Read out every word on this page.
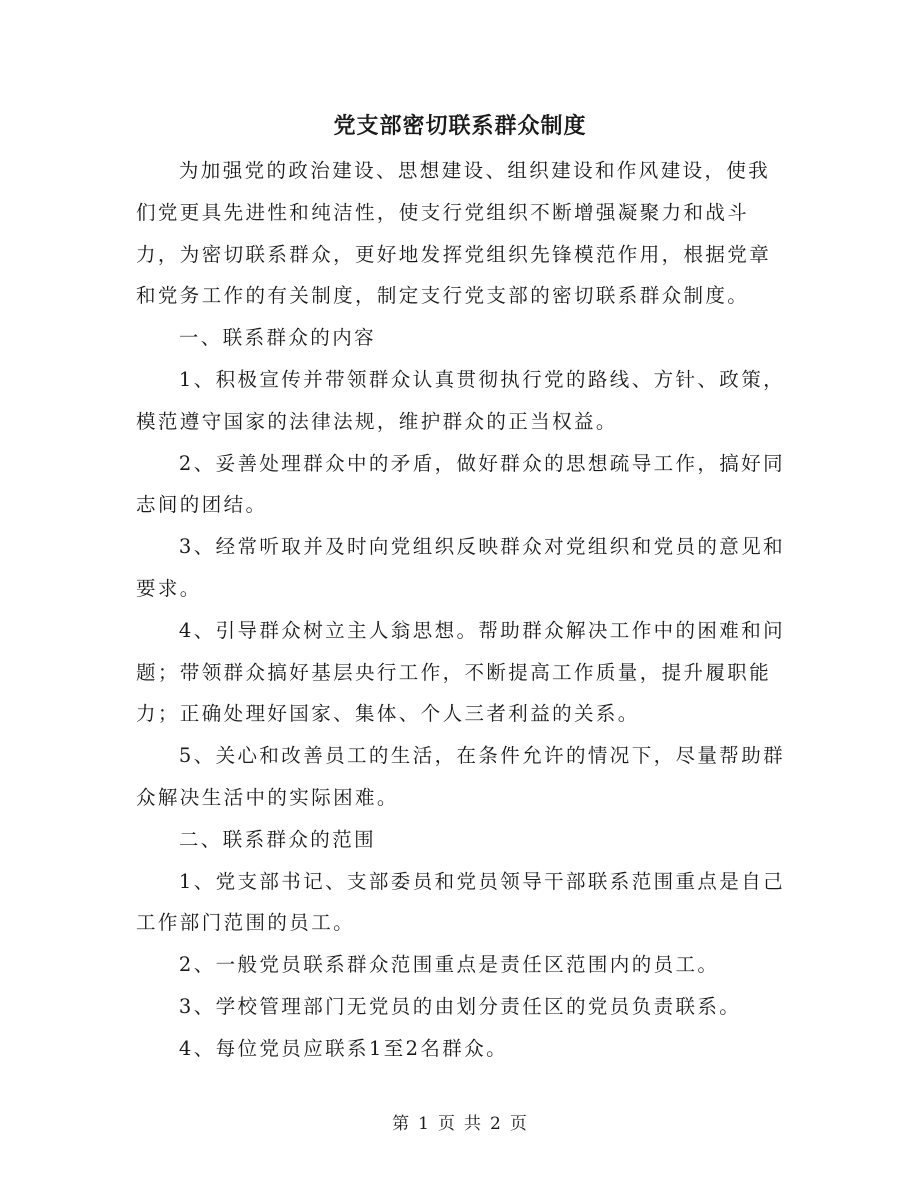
党支部密切联系群众制度

为加强党的政治建设、思想建设、组织建设和作风建设，使我们党更具先进性和纯洁性，使支行党组织不断增强凝聚力和战斗力，为密切联系群众，更好地发挥党组织先锋模范作用，根据党章和党务工作的有关制度，制定支行党支部的密切联系群众制度。

一、联系群众的内容

1、积极宣传并带领群众认真贯彻执行党的路线、方针、政策，模范遵守国家的法律法规，维护群众的正当权益。

2、妥善处理群众中的矛盾，做好群众的思想疏导工作，搞好同志间的团结。

3、经常听取并及时向党组织反映群众对党组织和党员的意见和要求。

4、引导群众树立主人翁思想。帮助群众解决工作中的困难和问题；带领群众搞好基层央行工作，不断提高工作质量，提升履职能力；正确处理好国家、集体、个人三者利益的关系。

5、关心和改善员工的生活，在条件允许的情况下，尽量帮助群众解决生活中的实际困难。

二、联系群众的范围

1、党支部书记、支部委员和党员领导干部联系范围重点是自己工作部门范围的员工。

2、一般党员联系群众范围重点是责任区范围内的员工。

3、学校管理部门无党员的由划分责任区的党员负责联系。

4、每位党员应联系1至2名群众。

第 1 页 共 2 页
